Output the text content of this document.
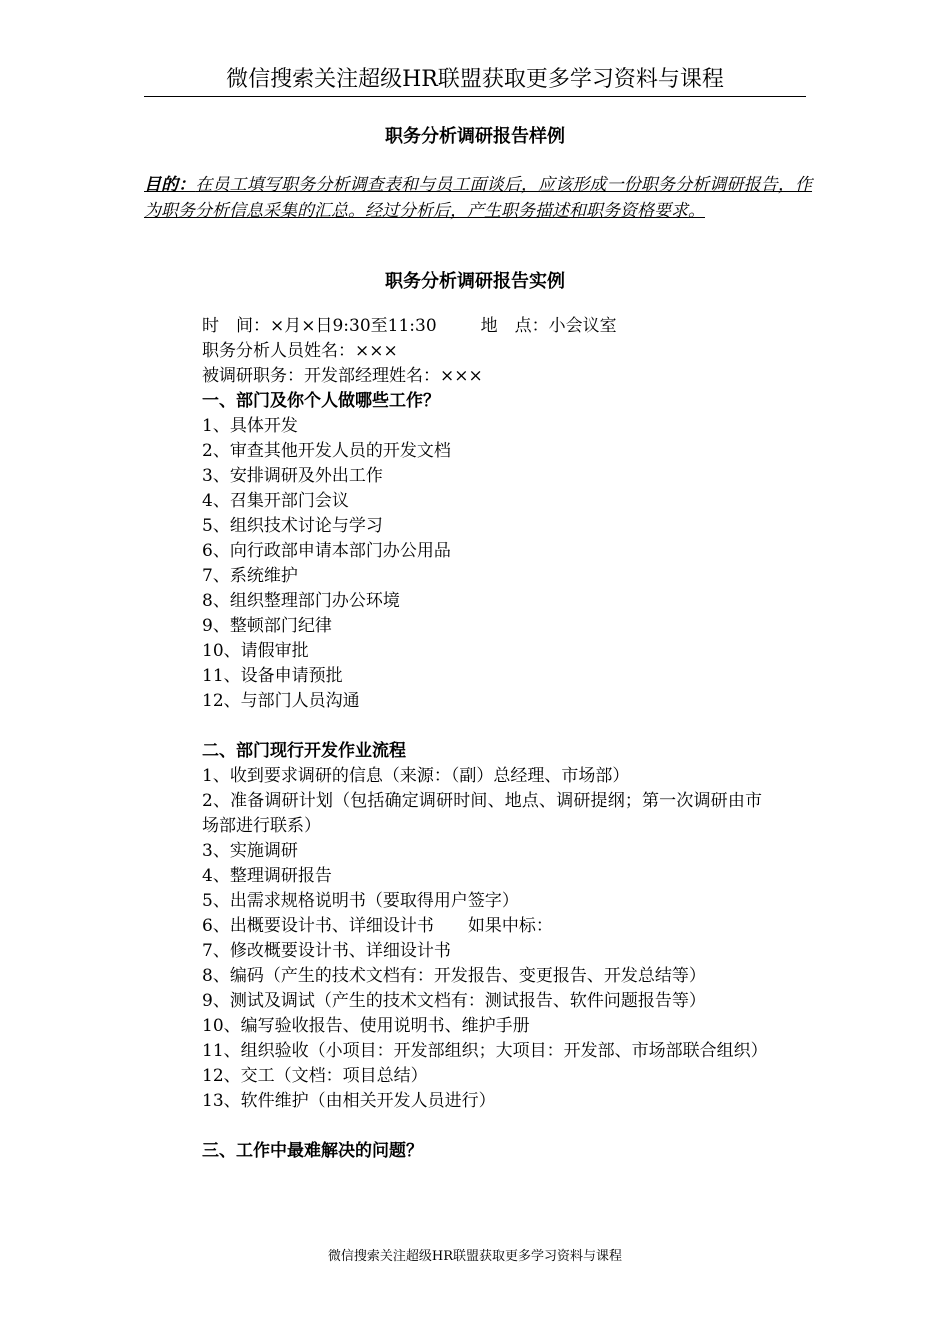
微信搜索关注超级HR联盟获取更多学习资料与课程
职务分析调研报告样例
目的：在员工填写职务分析调查表和与员工面谈后，应该形成一份职务分析调研报告，作为职务分析信息采集的汇总。经过分析后，产生职务描述和职务资格要求。
职务分析调研报告实例
时　间：×月×日9:30至11:30	地　点：小会议室
职务分析人员姓名：×××
被调研职务：开发部经理姓名：×××
一、部门及你个人做哪些工作？
1、具体开发
2、审查其他开发人员的开发文档
3、安排调研及外出工作
4、召集开部门会议
5、组织技术讨论与学习
6、向行政部申请本部门办公用品
7、系统维护
8、组织整理部门办公环境
9、整顿部门纪律
10、请假审批
11、设备申请预批
12、与部门人员沟通
二、部门现行开发作业流程
1、收到要求调研的信息（来源：（副）总经理、市场部）
2、准备调研计划（包括确定调研时间、地点、调研提纲；第一次调研由市场部进行联系）
3、实施调研
4、整理调研报告
5、出需求规格说明书（要取得用户签字）
6、出概要设计书、详细设计书　　如果中标：
7、修改概要设计书、详细设计书
8、编码（产生的技术文档有：开发报告、变更报告、开发总结等）
9、测试及调试（产生的技术文档有：测试报告、软件问题报告等）
10、编写验收报告、使用说明书、维护手册
11、组织验收（小项目：开发部组织；大项目：开发部、市场部联合组织）
12、交工（文档：项目总结）
13、软件维护（由相关开发人员进行）
三、工作中最难解决的问题？
微信搜索关注超级HR联盟获取更多学习资料与课程
